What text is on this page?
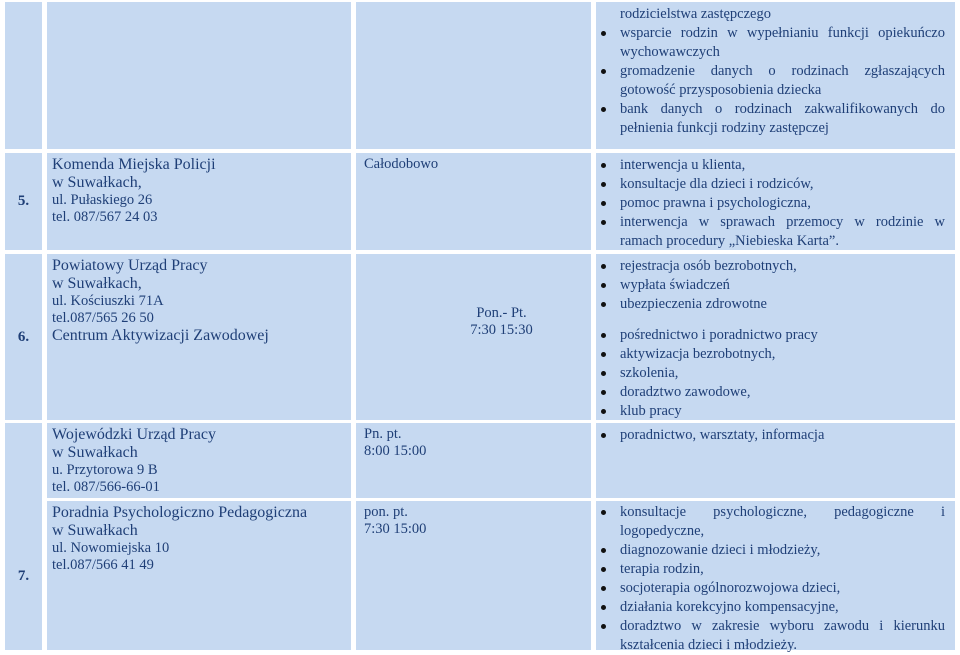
rodzicielstwa zastępczego
wsparcie rodzin w wypełnianiu funkcji opiekuńczo wychowawczych
gromadzenie danych o rodzinach zgłaszających gotowość przysposobienia dziecka
bank danych o rodzinach zakwalifikowanych do pełnienia funkcji rodziny zastępczej
5.
Komenda Miejska Policji
w Suwałkach,
ul. Pułaskiego 26
tel. 087/567 24 03
Całodobowo	interwencja u klienta,
konsultacje dla dzieci i rodziców,
pomoc prawna i psychologiczna,
interwencja w sprawach przemocy w rodzinie w ramach procedury „Niebieska Karta”.
6.
Powiatowy Urząd Pracy
w Suwałkach,
ul. Kościuszki 71A
tel.087/565 26 50
Centrum Aktywizacji Zawodowej
Pon.- Pt.
7:30 15:30
rejestracja osób bezrobotnych,
wypłata świadczeń
ubezpieczenia zdrowotne
pośrednictwo i poradnictwo pracy
aktywizacja bezrobotnych,
szkolenia,
doradztwo zawodowe,
klub pracy
Wojewódzki Urząd Pracy
w Suwałkach
u. Przytorowa 9 B
tel. 087/566-66-01
Pn. pt.
8:00 15:00
poradnictwo, warsztaty, informacja
7.
Poradnia Psychologiczno Pedagogiczna
w Suwałkach
ul. Nowomiejska 10
tel.087/566 41 49
pon. pt.
7:30 15:00
konsultacje psychologiczne, pedagogiczne i logopedyczne,
diagnozowanie dzieci i młodzieży,
terapia rodzin,
socjoterapia ogólnorozwojowa dzieci,
działania korekcyjno kompensacyjne,
doradztwo w zakresie wyboru zawodu i kierunku kształcenia dzieci i młodzieży.
